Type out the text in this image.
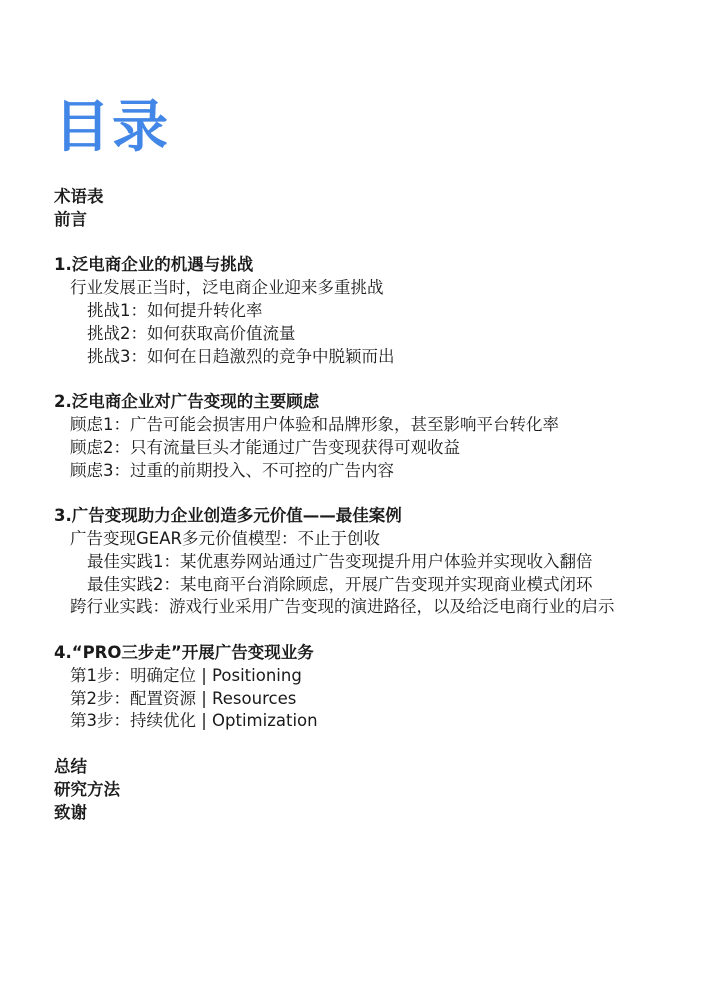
目录
术语表
前言
1.泛电商企业的机遇与挑战
行业发展正当时，泛电商企业迎来多重挑战
挑战1：如何提升转化率
挑战2：如何获取高价值流量
挑战3：如何在日趋激烈的竞争中脱颖而出
2.泛电商企业对广告变现的主要顾虑
顾虑1：广告可能会损害用户体验和品牌形象，甚至影响平台转化率
顾虑2：只有流量巨头才能通过广告变现获得可观收益
顾虑3：过重的前期投入、不可控的广告内容
3.广告变现助力企业创造多元价值——最佳案例
广告变现GEAR多元价值模型：不止于创收
最佳实践1：某优惠券网站通过广告变现提升用户体验并实现收入翻倍
最佳实践2：某电商平台消除顾虑，开展广告变现并实现商业模式闭环
跨行业实践：游戏行业采用广告变现的演进路径，以及给泛电商行业的启示
4.“PRO三步走”开展广告变现业务
第1步：明确定位 | Positioning
第2步：配置资源 | Resources
第3步：持续优化 | Optimization
总结
研究方法
致谢
